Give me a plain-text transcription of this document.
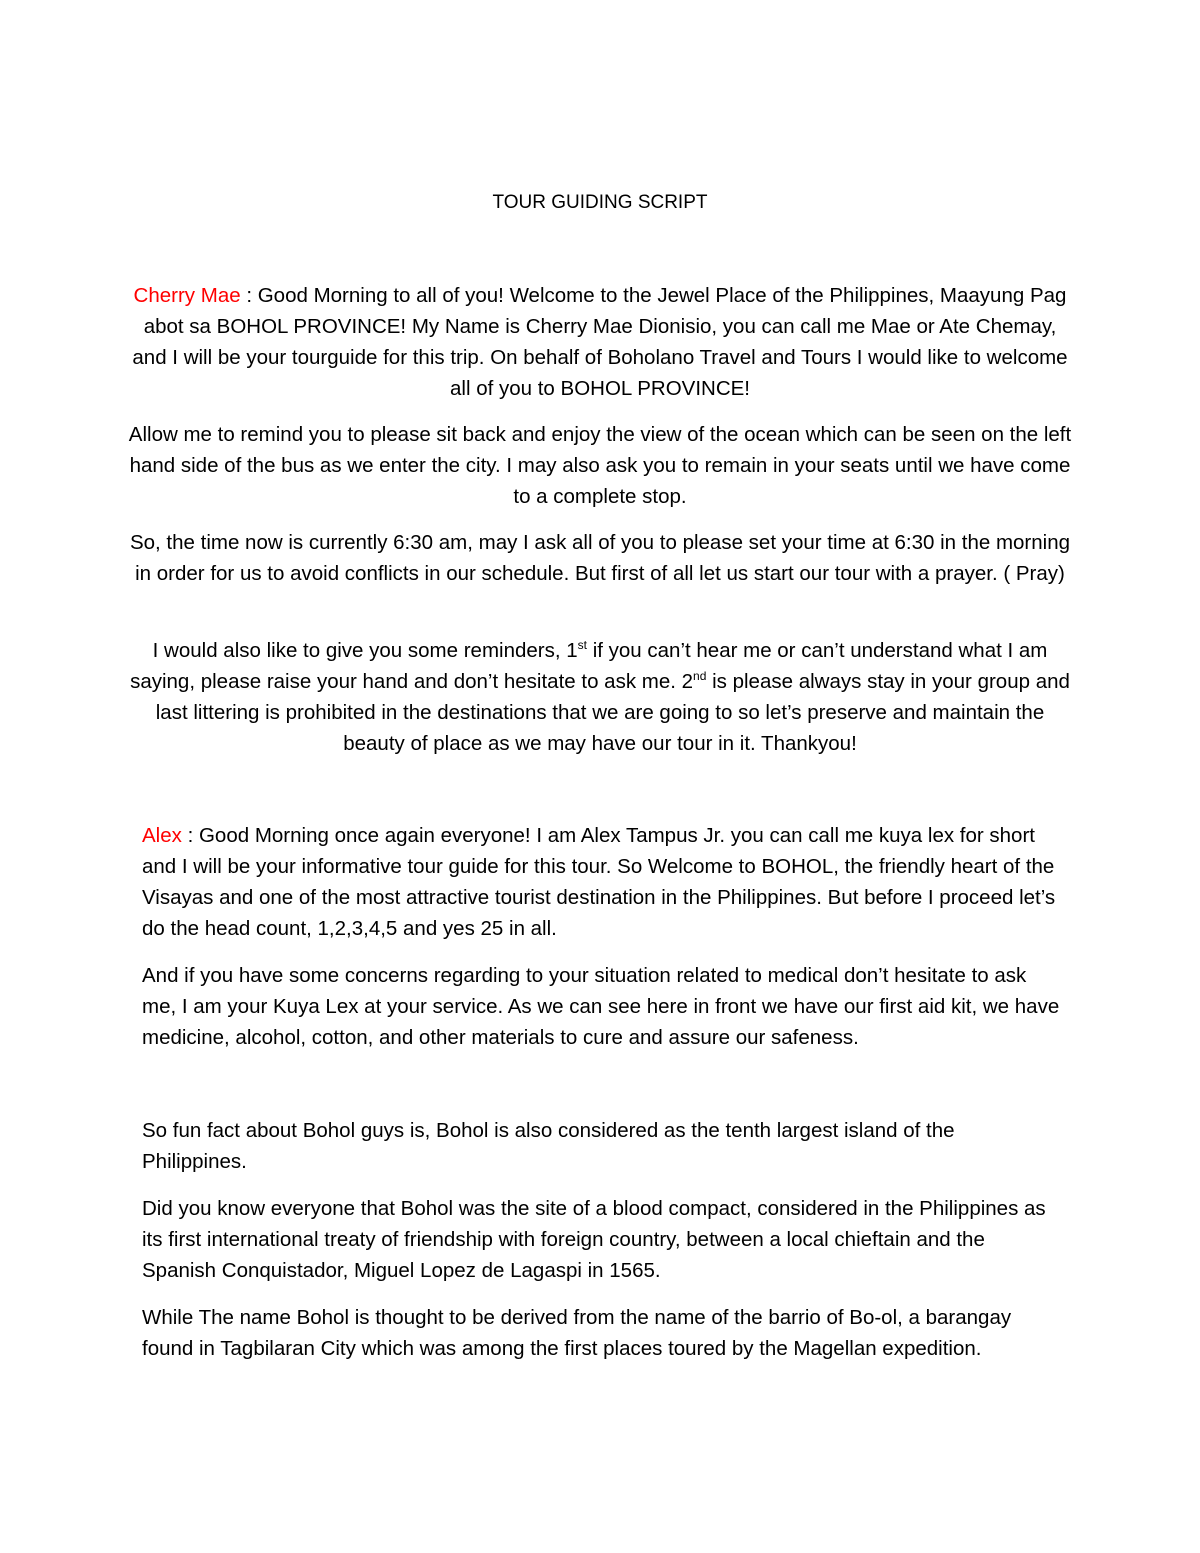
TOUR GUIDING SCRIPT

Cherry Mae : Good Morning to all of you! Welcome to the Jewel Place of the Philippines, Maayung Pag abot sa BOHOL PROVINCE! My Name is Cherry Mae Dionisio, you can call me Mae or Ate Chemay, and I will be your tourguide for this trip. On behalf of Boholano Travel and Tours I would like to welcome all of you to BOHOL PROVINCE!

Allow me to remind you to please sit back and enjoy the view of the ocean which can be seen on the left hand side of the bus as we enter the city. I may also ask you to remain in your seats until we have come to a complete stop.

So, the time now is currently 6:30 am, may I ask all of you to please set your time at 6:30 in the morning in order for us to avoid conflicts in our schedule. But first of all let us start our tour with a prayer. ( Pray)

I would also like to give you some reminders, 1st if you can’t hear me or can’t understand what I am saying, please raise your hand and don’t hesitate to ask me. 2nd is please always stay in your group and last littering is prohibited in the destinations that we are going to so let’s preserve and maintain the beauty of place as we may have our tour in it. Thankyou!

Alex : Good Morning once again everyone! I am Alex Tampus Jr. you can call me kuya lex for short and I will be your informative tour guide for this tour. So Welcome to BOHOL, the friendly heart of the Visayas and one of the most attractive tourist destination in the Philippines. But before I proceed let’s do the head count, 1,2,3,4,5 and yes 25 in all.

And if you have some concerns regarding to your situation related to medical don’t hesitate to ask me, I am your Kuya Lex at your service. As we can see here in front we have our first aid kit, we have medicine, alcohol, cotton, and other materials to cure and assure our safeness.

So fun fact about Bohol guys is, Bohol is also considered as the tenth largest island of the Philippines.

Did you know everyone that Bohol was the site of a blood compact, considered in the Philippines as its first international treaty of friendship with foreign country, between a local chieftain and the Spanish Conquistador, Miguel Lopez de Lagaspi in 1565.

While The name Bohol is thought to be derived from the name of the barrio of Bo-ol, a barangay found in Tagbilaran City which was among the first places toured by the Magellan expedition.
